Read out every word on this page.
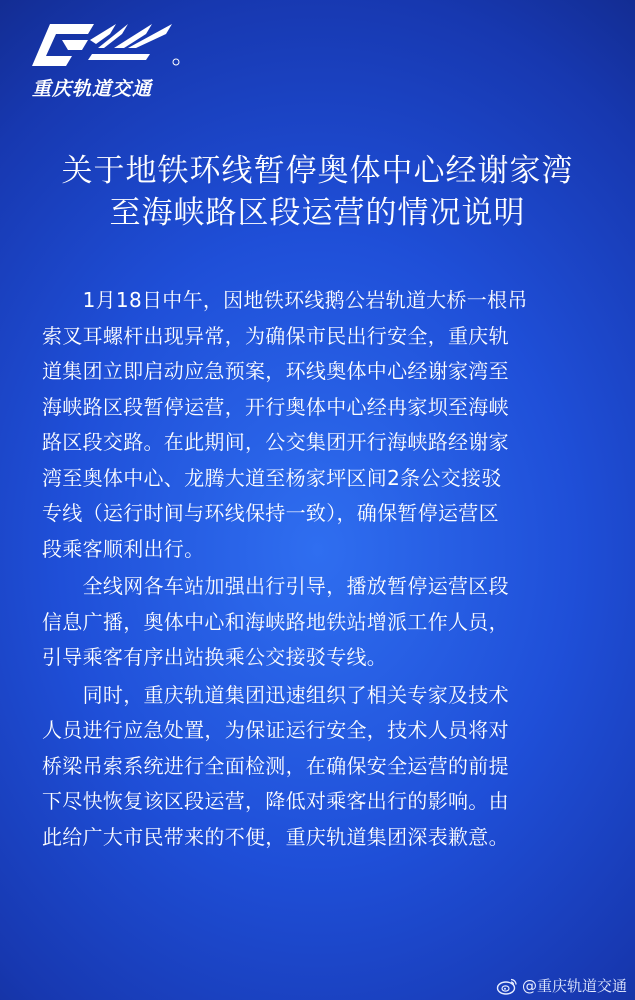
重庆轨道交通
关于地铁环线暂停奥体中心经谢家湾
至海峡路区段运营的情况说明
　　1月18日中午，因地铁环线鹅公岩轨道大桥一根吊
索叉耳螺杆出现异常，为确保市民出行安全，重庆轨
道集团立即启动应急预案，环线奥体中心经谢家湾至
海峡路区段暂停运营，开行奥体中心经冉家坝至海峡
路区段交路。在此期间，公交集团开行海峡路经谢家
湾至奥体中心、龙腾大道至杨家坪区间2条公交接驳
专线（运行时间与环线保持一致），确保暂停运营区
段乘客顺利出行。
　　全线网各车站加强出行引导，播放暂停运营区段
信息广播，奥体中心和海峡路地铁站增派工作人员，
引导乘客有序出站换乘公交接驳专线。
　　同时，重庆轨道集团迅速组织了相关专家及技术
人员进行应急处置，为保证运行安全，技术人员将对
桥梁吊索系统进行全面检测，在确保安全运营的前提
下尽快恢复该区段运营，降低对乘客出行的影响。由
此给广大市民带来的不便，重庆轨道集团深表歉意。
@重庆轨道交通
